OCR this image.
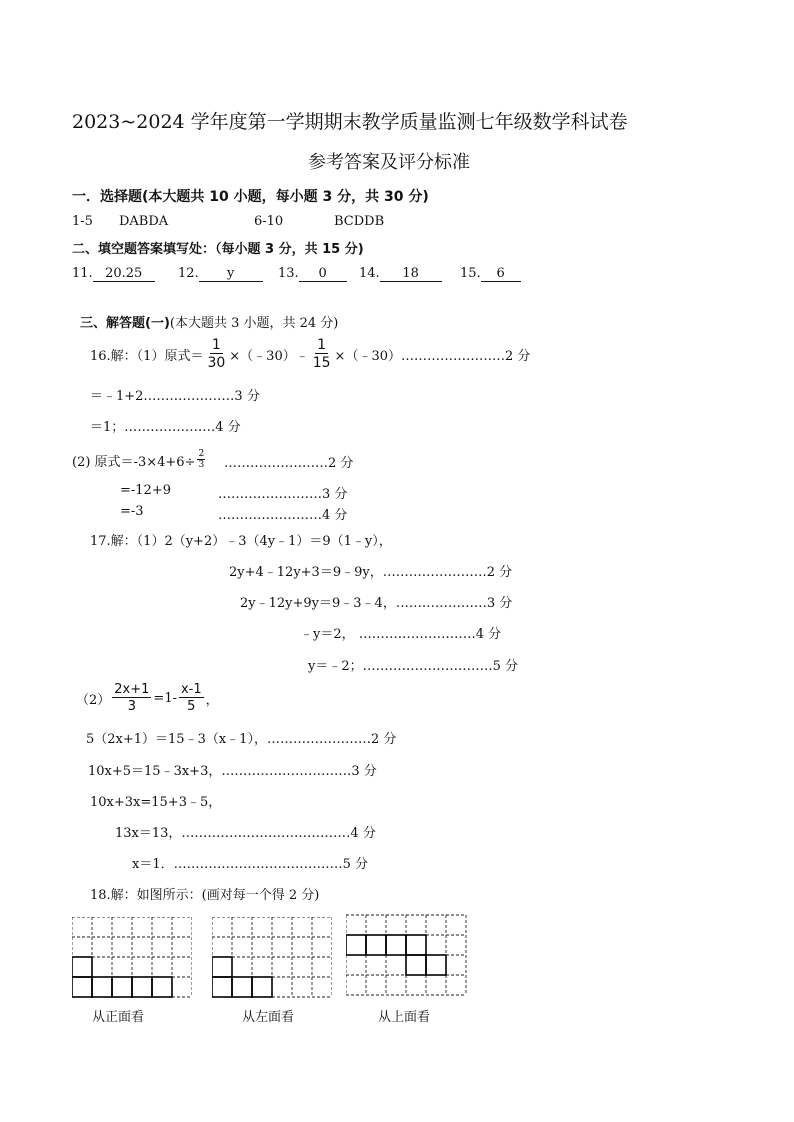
2023~2024 学年度第一学期期末教学质量监测七年级数学科试卷
参考答案及评分标准
一．选择题(本大题共 10 小题，每小题 3 分，共 30 分)
1-5 DABDA	6-10	BCDDB
二、填空题答案填写处：（每小题 3 分，共 15 分)
11. 20.25	12. y	13. 0	14. 18	15. 6
三、解答题(一)(本大题共 3 小题，共 24 分)
16.解：（1）原式＝ $\frac{1}{30}$ ×（﹣30）﹣ $\frac{1}{15}$ ×（﹣30） ……………………2 分
＝﹣1+2…………………3 分
＝1；…………………4 分
(2) 原式$=-3\times 4+6\div \frac{2}{3}$ ……………………2 分
=-12+9	……………………3 分
=-3	……………………4 分
17.解：（1）2（y+2）﹣3（4y﹣1）＝9（1﹣y），
2y+4﹣12y+3＝9﹣9y，……………………2 分
2y﹣12y+9y＝9﹣3﹣4，…………………3 分
﹣y＝2， ………………………4 分
y＝﹣2；…………………………5 分
$(2) \frac{2x+1}{3} =1- \frac{x-1}{5}$ ，
5（2x+1）＝15﹣3（x﹣1），……………………2 分
10x+5＝15﹣3x+3，…………………………3 分
10x+3x=15+3﹣5，
13x＝13，…………………………………4 分
x＝1．…………………………………5 分
18.解：如图所示：(画对每一个得 2 分)
从正面看	从左面看	从上面看
